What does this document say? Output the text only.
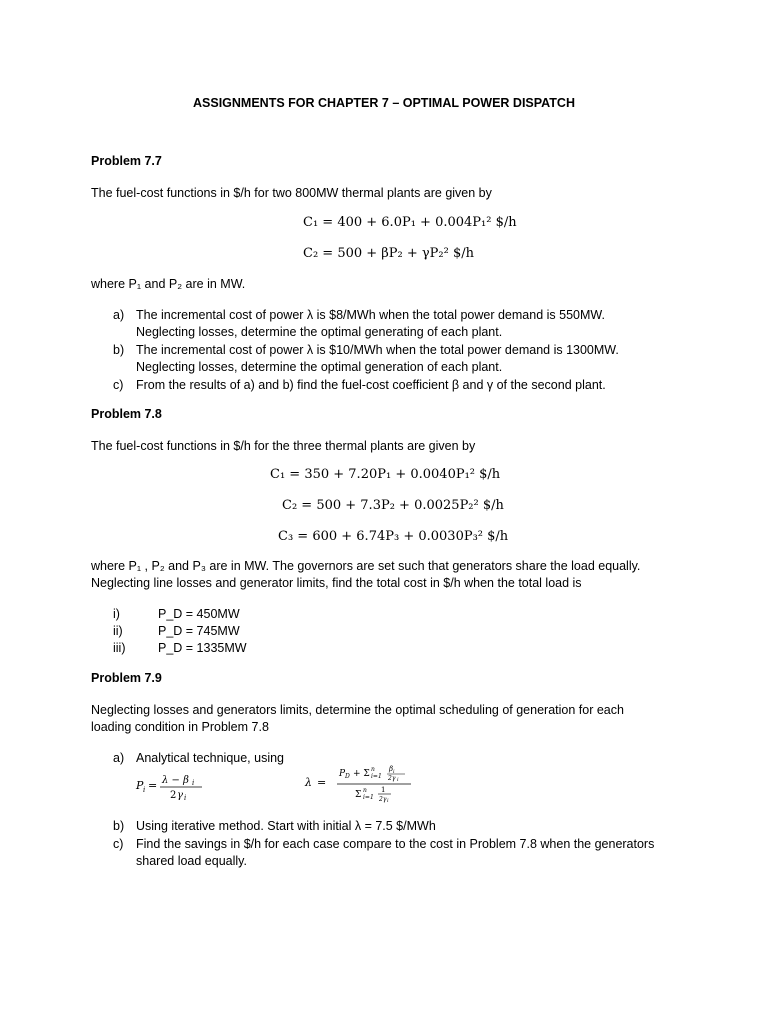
ASSIGNMENTS FOR CHAPTER 7 – OPTIMAL POWER DISPATCH
Problem 7.7
The fuel-cost functions in $/h for two 800MW thermal plants are given by
C₁ = 400 + 6.0P₁ + 0.004P₁² $/h
C₂ = 500 + βP₂ + γP₂² $/h
where P₁ and P₂ are in MW.
a) The incremental cost of power λ is $8/MWh when the total power demand is 550MW.
Neglecting losses, determine the optimal generating of each plant.
b) The incremental cost of power λ is $10/MWh when the total power demand is 1300MW.
Neglecting losses, determine the optimal generation of each plant.
c) From the results of a) and b) find the fuel-cost coefficient β and γ of the second plant.
Problem 7.8
The fuel-cost functions in $/h for the three thermal plants are given by
C₁ = 350 + 7.20P₁ + 0.0040P₁² $/h
C₂ = 500 + 7.3P₂ + 0.0025P₂² $/h
C₃ = 600 + 6.74P₃ + 0.0030P₃² $/h
where P₁ , P₂ and P₃ are in MW. The governors are set such that generators share the load equally.
Neglecting line losses and generator limits, find the total cost in $/h when the total load is
i)	P_D = 450MW
ii)	P_D = 745MW
iii)	P_D = 1335MW
Problem 7.9
Neglecting losses and generators limits, determine the optimal scheduling of generation for each
loading condition in Problem 7.8
a) Analytical technique, using
P i = λ − β i
2 γ i
λ =
P D + Σ i=1
n β i
2γ i
Σ i=1
n 1
2γ i
b) Using iterative method. Start with initial λ = 7.5 $/MWh
c) Find the savings in $/h for each case compare to the cost in Problem 7.8 when the generators
shared load equally.
